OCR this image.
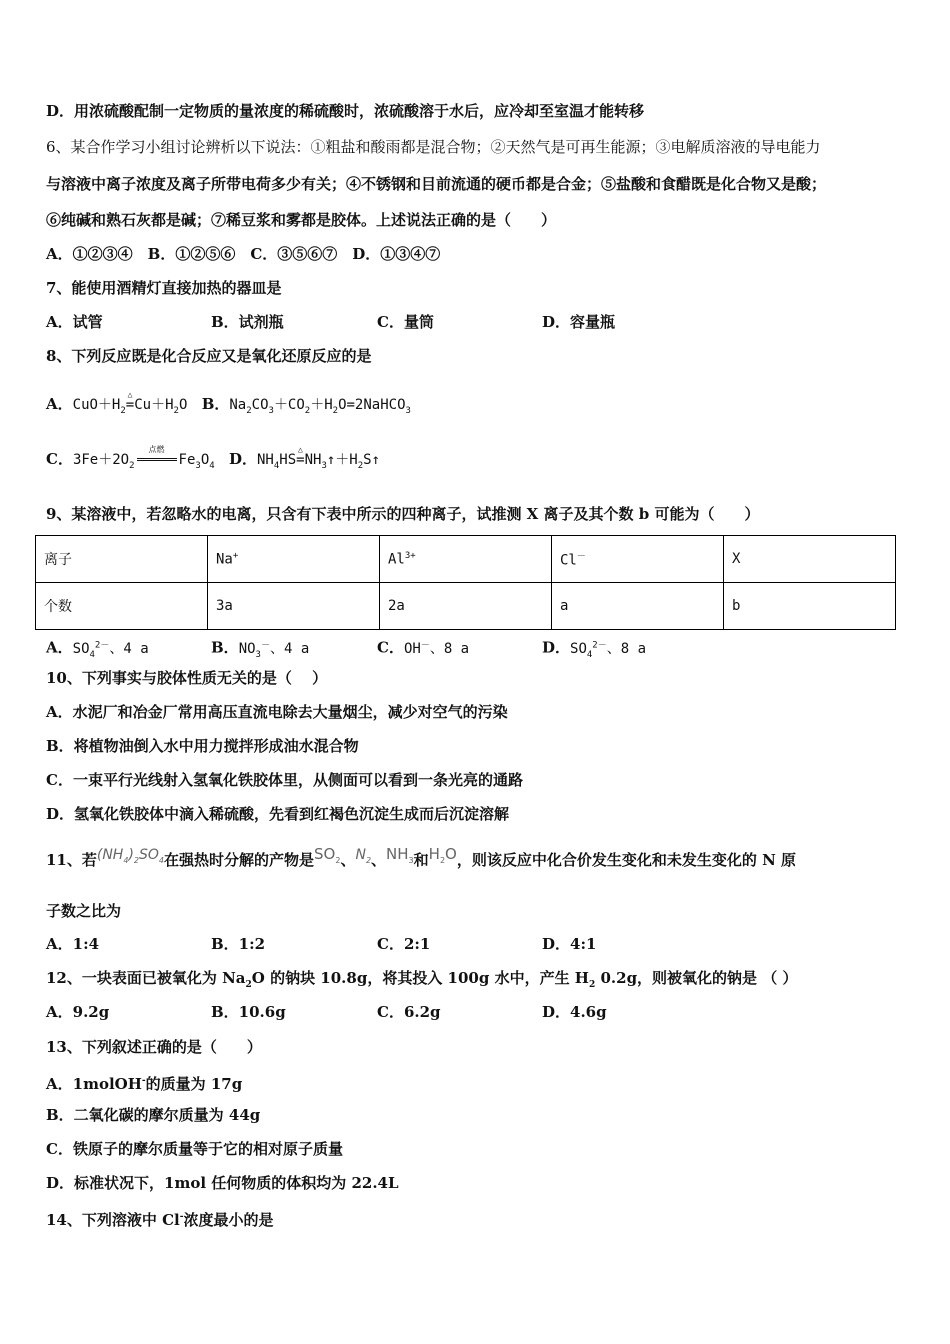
D．用浓硫酸配制一定物质的量浓度的稀硫酸时，浓硫酸溶于水后，应冷却至室温才能转移
6、某合作学习小组讨论辨析以下说法：①粗盐和酸雨都是混合物；②天然气是可再生能源；③电解质溶液的导电能力
与溶液中离子浓度及离子所带电荷多少有关；④不锈钢和目前流通的硬币都是合金；⑤盐酸和食醋既是化合物又是酸；
⑥纯碱和熟石灰都是碱；⑦稀豆浆和雾都是胶体。上述说法正确的是（　　）
A．①②③④　B．①②⑤⑥　C．③⑤⑥⑦　D．①③④⑦
7、能使用酒精灯直接加热的器皿是
A．试管	B．试剂瓶	C．量筒	D．容量瓶
8、下列反应既是化合反应又是氧化还原反应的是
A．$CuO+H_2$
△
$=Cu+H_2O$ B．$Na_2CO_3+CO_2+H_2O=2NaHCO_3$
C．$3Fe+2O_2$
点燃
$Fe_3O_4$ D．$NH_4HS$
△
$=NH_3↑+H_2S↑$
9、某溶液中，若忽略水的电离，只含有下表中所示的四种离子，试推测 X 离子及其个数 b 可能为（　　）
离子	Na+	$Al^{3+}$	Cl－	X
个数	3a	2a	a	b
A．$SO_4^{2-}$、4 a	B．$NO_3^-$、4 a	C．OH－、8 a	D．$SO_4^{2-}$、8 a
10、下列事实与胶体性质无关的是（　 ）
A．水泥厂和冶金厂常用高压直流电除去大量烟尘，减少对空气的污染
B．将植物油倒入水中用力搅拌形成油水混合物
C．一束平行光线射入氢氧化铁胶体里，从侧面可以看到一条光亮的通路
D．氢氧化铁胶体中滴入稀硫酸，先看到红褐色沉淀生成而后沉淀溶解
11、若$(NH_4)_2SO_4$在强热时分解的产物是$SO_2$、$N_2$、$NH_3$和$H_2O$，则该反应中化合价发生变化和未发生变化的 N 原
子数之比为
A．1:4	B．1:2	C．2:1	D．4:1
12、一块表面已被氧化为 $Na_2O$ 的钠块 10.8g，将其投入 100g 水中，产生 $H_2$ 0.2g，则被氧化的钠是 （ ）
A．9.2g	B．10.6g	C．6.2g	D．4.6g
13、下列叙述正确的是（　　）
A．1molOH-的质量为 17g
B．二氧化碳的摩尔质量为 44g
C．铁原子的摩尔质量等于它的相对原子质量
D．标准状况下，1mol 任何物质的体积均为 22.4L
14、下列溶液中 Cl-浓度最小的是
